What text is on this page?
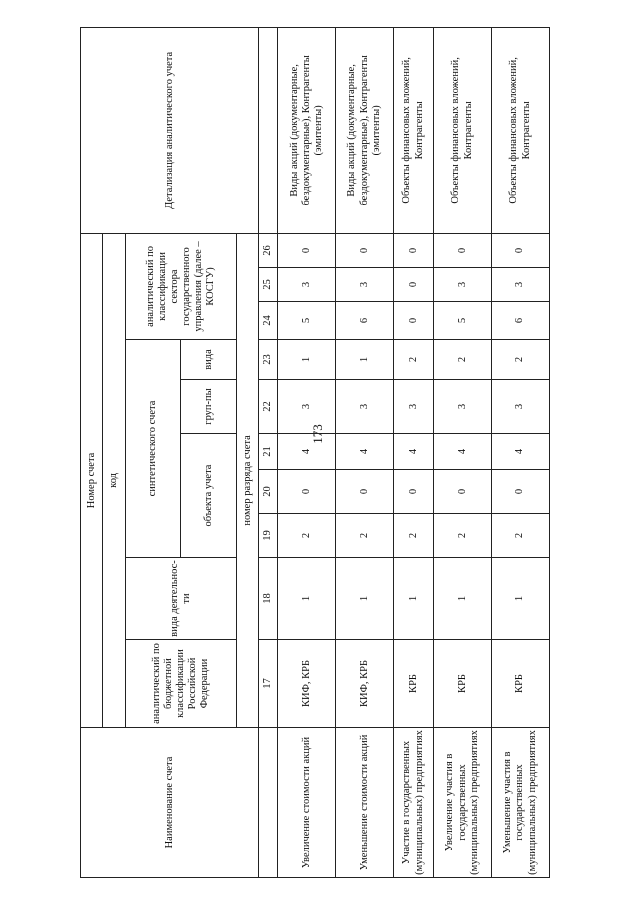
173
Наименование счета	Номер счета										Детализация аналитического учета
	код										
	аналитический по бюджетной классификации Российской Федерации	вида деятельнос-ти	синтетического счета					аналитический по классификации сектора государственного управления (далее – КОСГУ)			
			объекта учета			груп-пы	вида				
	номер разряда счета										
	17	18	19	20	21	22	23	24	25	26	
Увеличение стоимости акций	КИФ, КРБ	1	2	0	4	3	1	5	3	0	Виды акций (документарные, бездокументарные), Контрагенты (эмитенты)
Уменьшение стоимости акций	КИФ, КРБ	1	2	0	4	3	1	6	3	0	Виды акций (документарные, бездокументарные), Контрагенты (эмитенты)
Участие в государственных (муниципальных) предприятиях	КРБ	1	2	0	4	3	2	0	0	0	Объекты финансовых вложений, Контрагенты
Увеличение участия в государственных (муниципальных) предприятиях	КРБ	1	2	0	4	3	2	5	3	0	Объекты финансовых вложений, Контрагенты
Уменьшение участия в государственных (муниципальных) предприятиях	КРБ	1	2	0	4	3	2	6	3	0	Объекты финансовых вложений, Контрагенты
